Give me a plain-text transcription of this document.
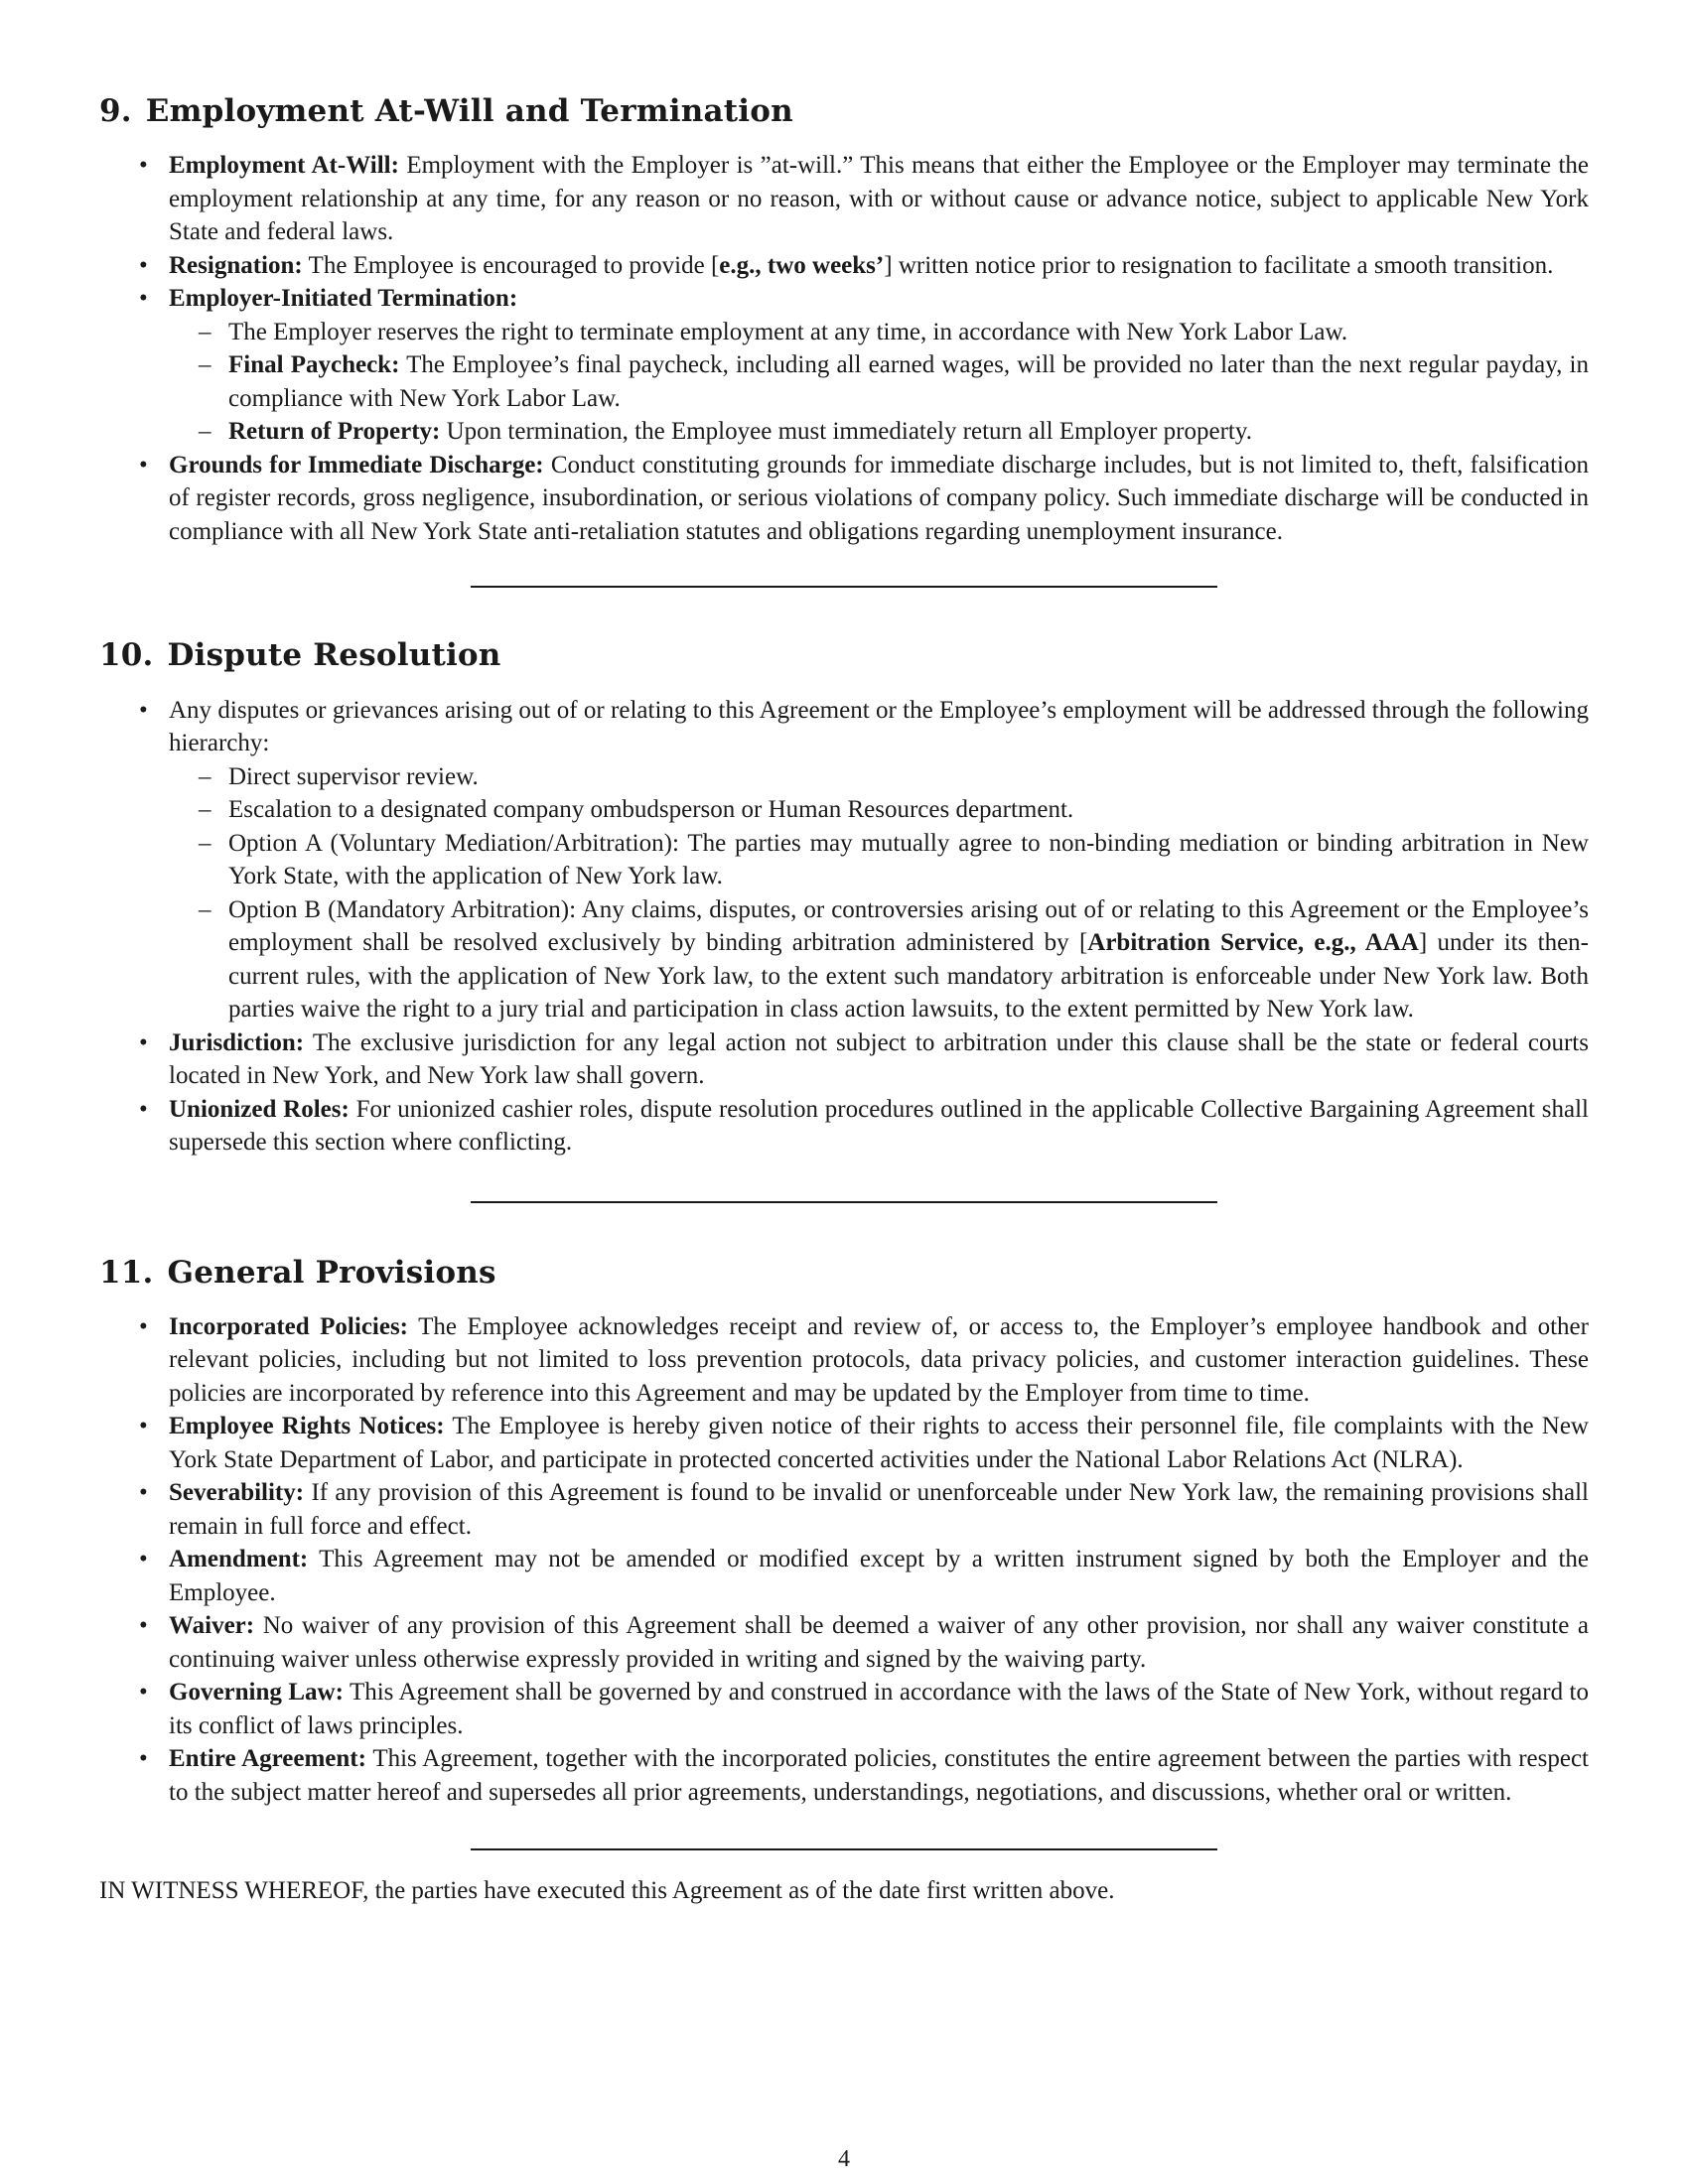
9. Employment At-Will and Termination
• Employment At-Will: Employment with the Employer is ”at-will.” This means that either the Employee or the Employer may terminate the employment relationship at any time, for any reason or no reason, with or without cause or advance notice, subject to applicable New York State and federal laws.
• Resignation: The Employee is encouraged to provide [e.g., two weeks’] written notice prior to resignation to facilitate a smooth transition.
• Employer-Initiated Termination:
– The Employer reserves the right to terminate employment at any time, in accordance with New York Labor Law.
– Final Paycheck: The Employee’s final paycheck, including all earned wages, will be provided no later than the next regular payday, in compliance with New York Labor Law.
– Return of Property: Upon termination, the Employee must immediately return all Employer property.
• Grounds for Immediate Discharge: Conduct constituting grounds for immediate discharge includes, but is not limited to, theft, falsification of register records, gross negligence, insubordination, or serious violations of company policy. Such immediate discharge will be conducted in compliance with all New York State anti-retaliation statutes and obligations regarding unemployment insurance.
10. Dispute Resolution
• Any disputes or grievances arising out of or relating to this Agreement or the Employee’s employment will be addressed through the following hierarchy:
– Direct supervisor review.
– Escalation to a designated company ombudsperson or Human Resources department.
– Option A (Voluntary Mediation/Arbitration): The parties may mutually agree to non-binding mediation or binding arbitration in New York State, with the application of New York law.
– Option B (Mandatory Arbitration): Any claims, disputes, or controversies arising out of or relating to this Agreement or the Employee’s employment shall be resolved exclusively by binding arbitration administered by [Arbitration Service, e.g., AAA] under its then-current rules, with the application of New York law, to the extent such mandatory arbitration is enforceable under New York law. Both parties waive the right to a jury trial and participation in class action lawsuits, to the extent permitted by New York law.
• Jurisdiction: The exclusive jurisdiction for any legal action not subject to arbitration under this clause shall be the state or federal courts located in New York, and New York law shall govern.
• Unionized Roles: For unionized cashier roles, dispute resolution procedures outlined in the applicable Collective Bargaining Agreement shall supersede this section where conflicting.
11. General Provisions
• Incorporated Policies: The Employee acknowledges receipt and review of, or access to, the Employer’s employee handbook and other relevant policies, including but not limited to loss prevention protocols, data privacy policies, and customer interaction guidelines. These policies are incorporated by reference into this Agreement and may be updated by the Employer from time to time.
• Employee Rights Notices: The Employee is hereby given notice of their rights to access their personnel file, file complaints with the New York State Department of Labor, and participate in protected concerted activities under the National Labor Relations Act (NLRA).
• Severability: If any provision of this Agreement is found to be invalid or unenforceable under New York law, the remaining provisions shall remain in full force and effect.
• Amendment: This Agreement may not be amended or modified except by a written instrument signed by both the Employer and the Employee.
• Waiver: No waiver of any provision of this Agreement shall be deemed a waiver of any other provision, nor shall any waiver constitute a continuing waiver unless otherwise expressly provided in writing and signed by the waiving party.
• Governing Law: This Agreement shall be governed by and construed in accordance with the laws of the State of New York, without regard to its conflict of laws principles.
• Entire Agreement: This Agreement, together with the incorporated policies, constitutes the entire agreement between the parties with respect to the subject matter hereof and supersedes all prior agreements, understandings, negotiations, and discussions, whether oral or written.

IN WITNESS WHEREOF, the parties have executed this Agreement as of the date first written above.

4
